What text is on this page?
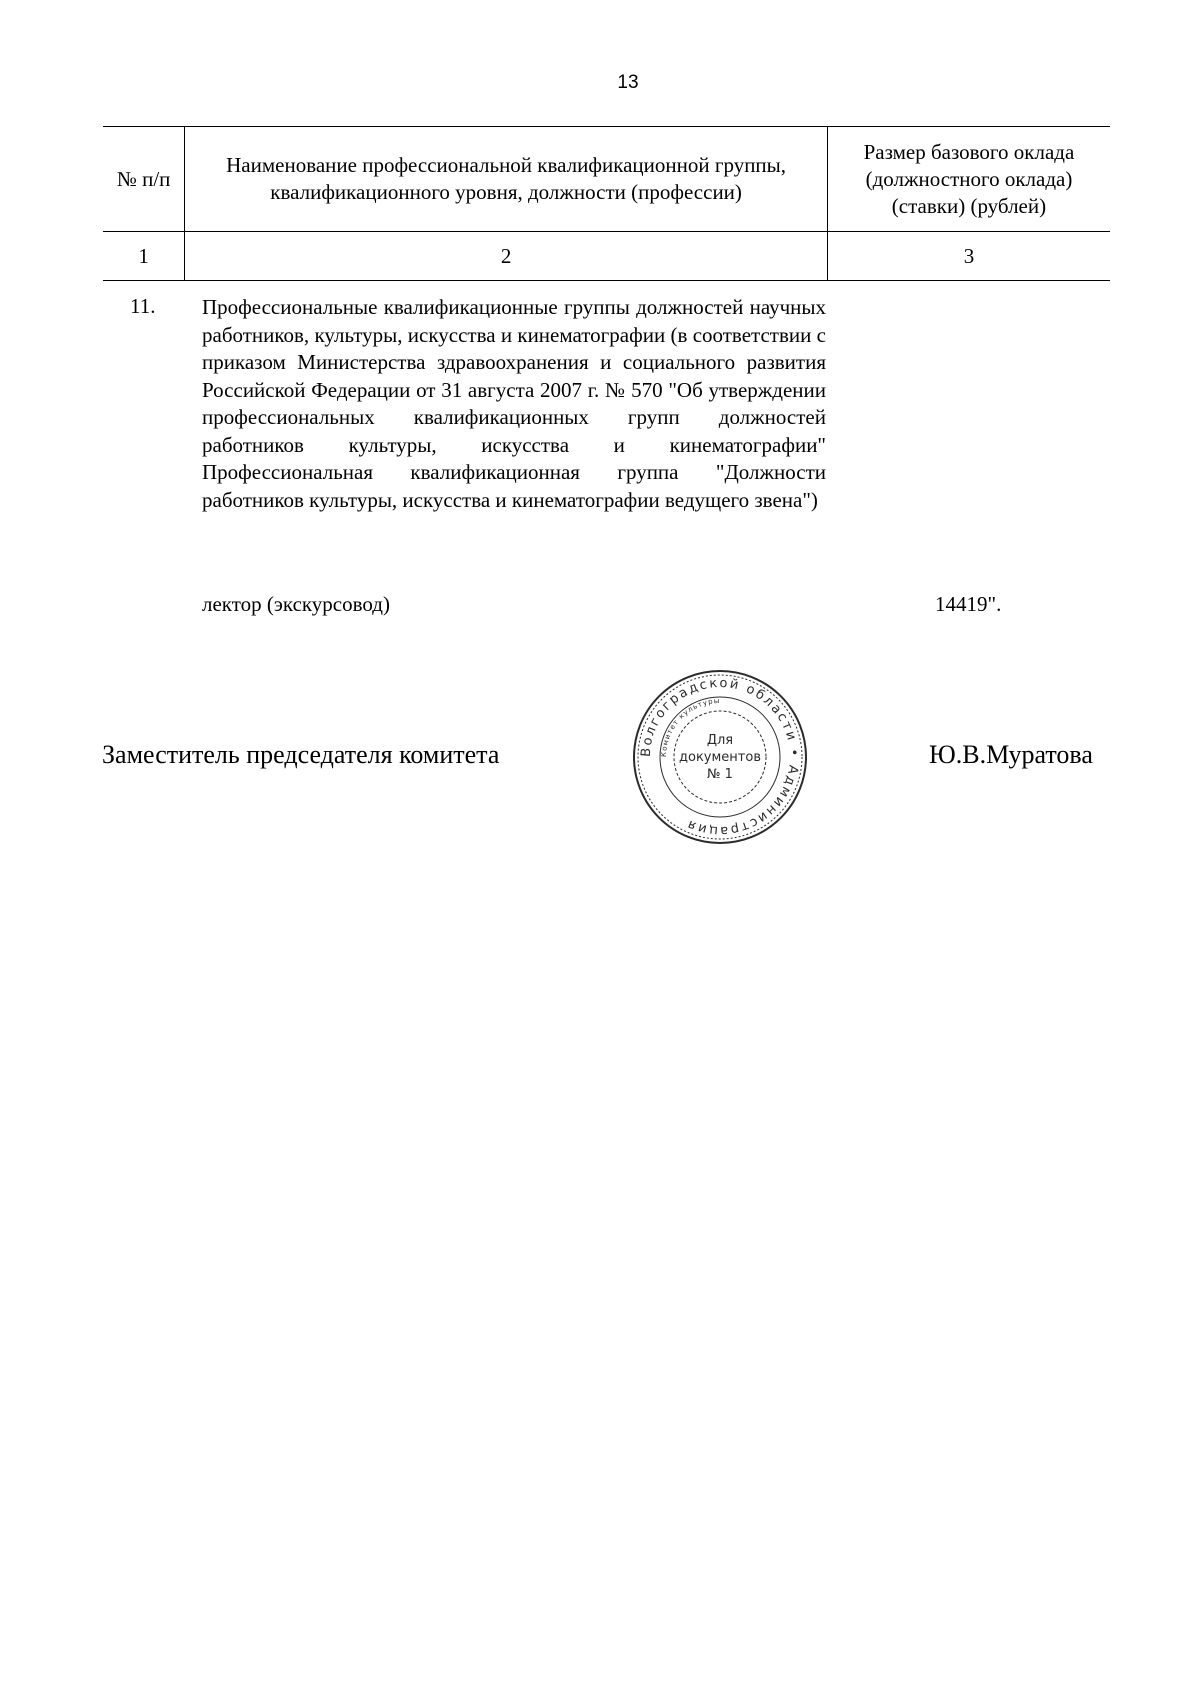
13
№ п/п	Наименование профессиональной квалификационной группы, квалификационного уровня, должности (профессии)	Размер базового оклада (должностного оклада) (ставки) (рублей)
1	2	3
11. Профессиональные квалификационные группы должностей научных работников, культуры, искусства и кинематографии (в соответствии с приказом Министерства здравоохранения и социального развития Российской Федерации от 31 августа 2007 г. № 570 "Об утверждении профессиональных квалификационных групп должностей работников культуры, искусства и кинематографии" Профессиональная квалификационная группа "Должности работников культуры, искусства и кинематографии ведущего звена")
лектор (экскурсовод)	14419".
Заместитель председателя комитета	Волгоградской области • Администрация
Комитет культуры
Для
документов
№ 1
Ю.В.Муратова
